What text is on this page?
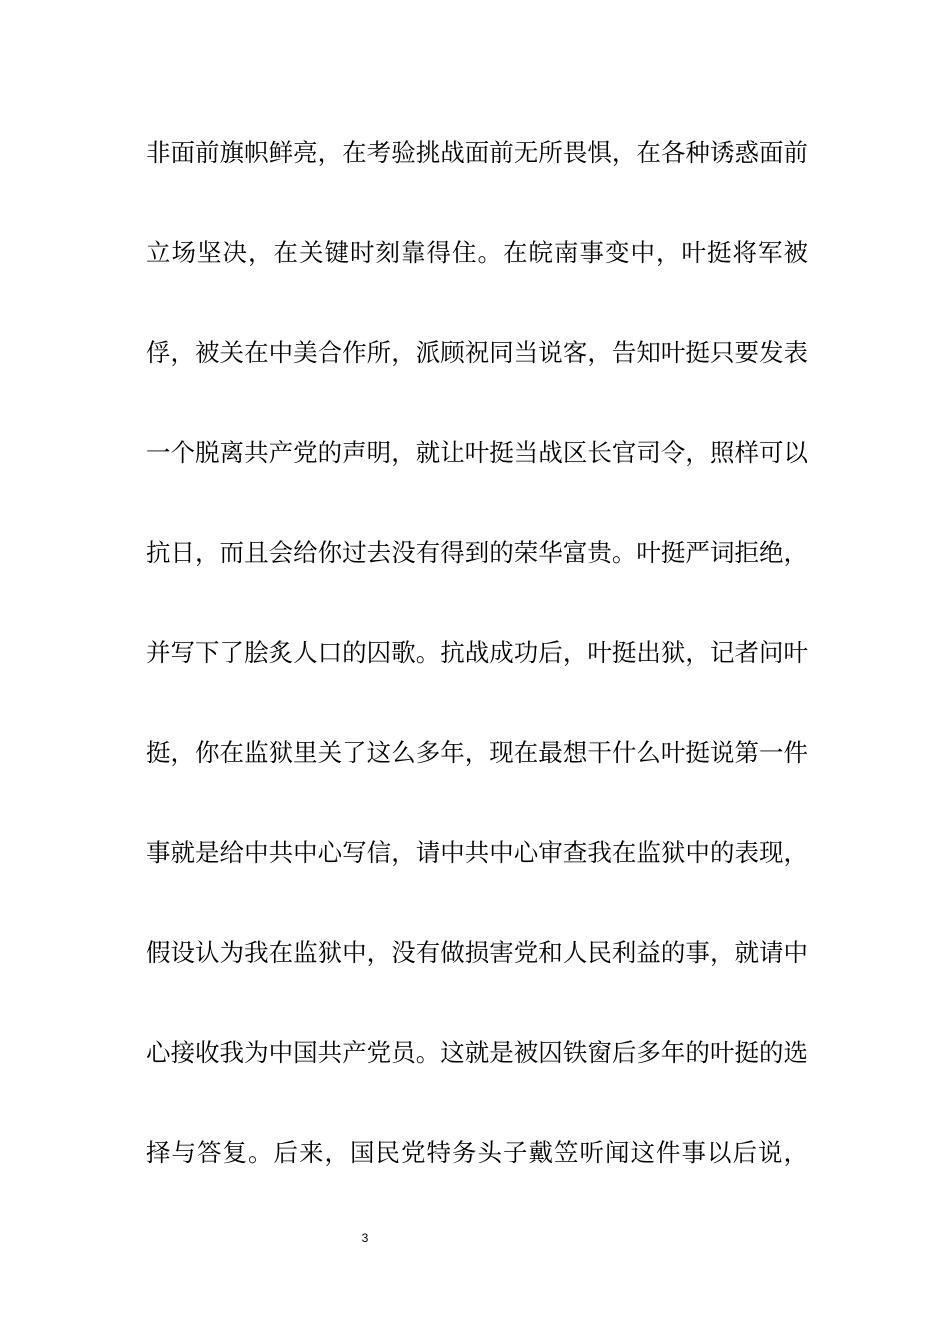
非面前旗帜鲜亮，在考验挑战面前无所畏惧，在各种诱惑面前
立场坚决，在关键时刻靠得住。在皖南事变中，叶挺将军被
俘，被关在中美合作所，派顾祝同当说客，告知叶挺只要发表
一个脱离共产党的声明，就让叶挺当战区长官司令，照样可以
抗日，而且会给你过去没有得到的荣华富贵。叶挺严词拒绝，
并写下了脍炙人口的囚歌。抗战成功后，叶挺出狱，记者问叶
挺，你在监狱里关了这么多年，现在最想干什么叶挺说第一件
事就是给中共中心写信，请中共中心审查我在监狱中的表现，
假设认为我在监狱中，没有做损害党和人民利益的事，就请中
心接收我为中国共产党员。这就是被囚铁窗后多年的叶挺的选
择与答复。后来，国民党特务头子戴笠听闻这件事以后说，
3
